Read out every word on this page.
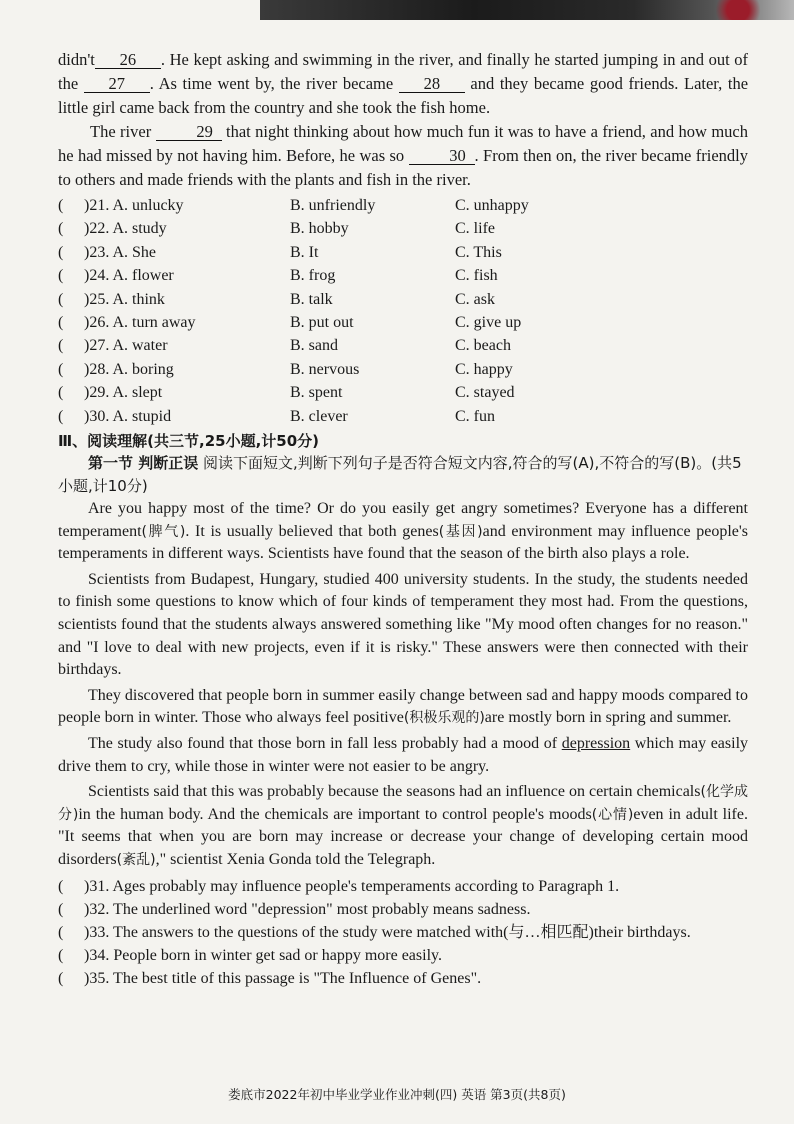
didn't 26 . He kept asking and swimming in the river, and finally he started jumping in and out of the 27 . As time went by, the river became 28 and they became good friends. Later, the little girl came back from the country and she took the fish home.

The river	29 that night thinking about how much fun it was to have a friend, and how much he had missed by not having him. Before, he was so	30 . From then on, the river became friendly to others and made friends with the plants and fish in the river.

( )21. A. unlucky	B. unfriendly	C. unhappy
( )22. A. study	B. hobby	C. life
( )23. A. She	B. It	C. This
( )24. A. flower	B. frog	C. fish
( )25. A. think	B. talk	C. ask
( )26. A. turn away	B. put out	C. give up
( )27. A. water	B. sand	C. beach
( )28. A. boring	B. nervous	C. happy
( )29. A. slept	B. spent	C. stayed
( )30. A. stupid	B. clever	C. fun
Ⅲ、阅读理解(共三节,25小题,计50分)

第一节 判断正误 阅读下面短文,判断下列句子是否符合短文内容,符合的写(A),不符合的写(B)。(共5小题,计10分)

Are you happy most of the time? Or do you easily get angry sometimes? Everyone has a different temperament(脾气). It is usually believed that both genes(基因)and environment may influence people's temperaments in different ways. Scientists have found that the season of the birth also plays a role.

Scientists from Budapest, Hungary, studied 400 university students. In the study, the students needed to finish some questions to know which of four kinds of temperament they most had. From the questions, scientists found that the students always answered something like "My mood often changes for no reason." and "I love to deal with new projects, even if it is risky." These answers were then connected with their birthdays.

They discovered that people born in summer easily change between sad and happy moods compared to people born in winter. Those who always feel positive(积极乐观的)are mostly born in spring and summer.

The study also found that those born in fall less probably had a mood of depression which may easily drive them to cry, while those in winter were not easier to be angry.

Scientists said that this was probably because the seasons had an influence on certain chemicals(化学成分)in the human body. And the chemicals are important to control people's moods(心情)even in adult life. "It seems that when you are born may increase or decrease your change of developing certain mood disorders(紊乱)," scientist Xenia Gonda told the Telegraph.

( )31. Ages probably may influence people's temperaments according to Paragraph 1.
( )32. The underlined word "depression" most probably means sadness.
( )33. The answers to the questions of the study were matched with(与…相匹配)their birthdays.
( )34. People born in winter get sad or happy more easily.
( )35. The best title of this passage is "The Influence of Genes".
娄底市2022年初中毕业学业作业冲刺(四) 英语 第3页(共8页)
